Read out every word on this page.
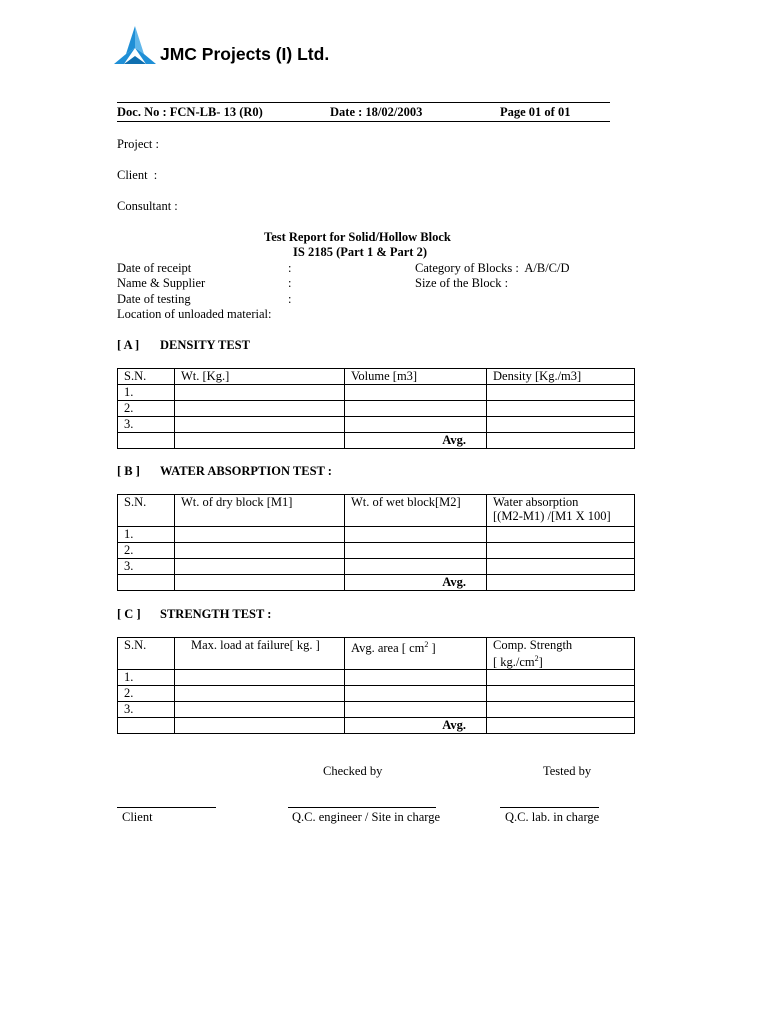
JMC Projects (I) Ltd.
Doc. No : FCN-LB- 13 (R0)	Date : 18/02/2003	Page 01 of 01
Project :
Client  :
Consultant :
Test Report for Solid/Hollow Block
IS 2185 (Part 1 & Part 2)
Date of receipt	:	Category of Blocks :  A/B/C/D
Name & Supplier	:	Size of the Block :
Date of testing	:
Location of unloaded material:
[ A ] DENSITY TEST
S.N.	Wt. [Kg.]	Volume [m3]	Density [Kg./m3]
1.			
2.			
3.			
		Avg.	
[ B ] WATER ABSORPTION TEST :
S.N.	Wt. of dry block [M1]	Wt. of wet block[M2]	Water absorption
[(M2-M1) /[M1 X 100]

1.			
2.			
3.			
		Avg.	
[ C ] STRENGTH TEST :
S.N.	Max. load at failure[ kg. ]	Avg. area [ $cm^2$ ]	Comp. Strength
[ $kg./cm^2$]

1.			
2.			
3.			
		Avg.	
Checked by	Tested by
Client	Q.C. engineer / Site in charge	Q.C. lab. in charge
